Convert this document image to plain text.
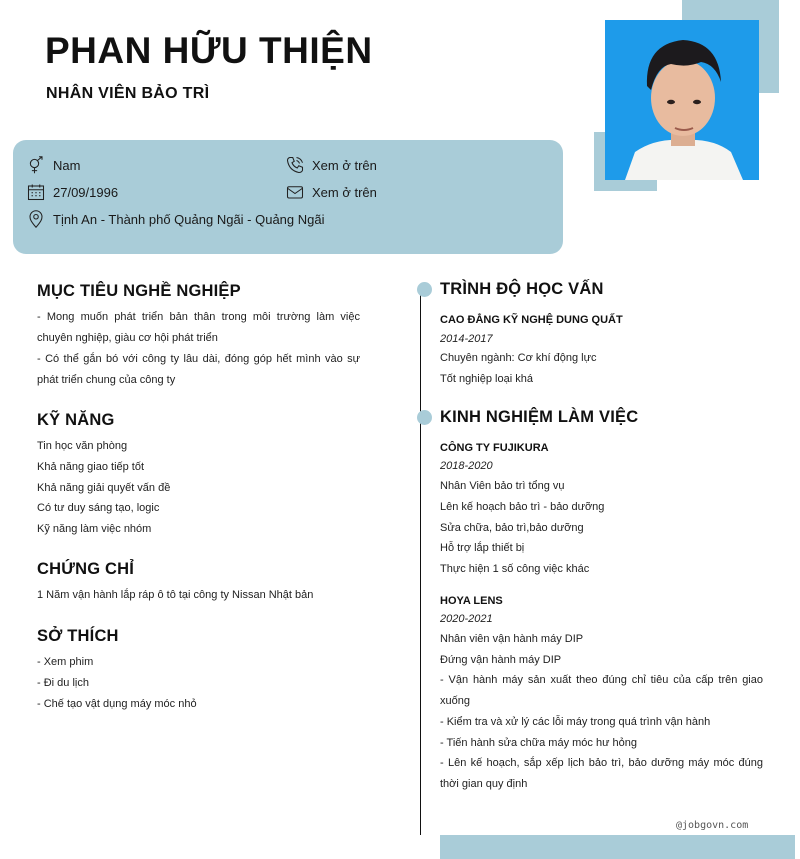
PHAN HỮU THIỆN
NHÂN VIÊN BẢO TRÌ
Nam
27/09/1996
Tịnh An - Thành phố Quảng Ngãi - Quảng Ngãi
Xem ở trên
Xem ở trên
MỤC TIÊU NGHỀ NGHIỆP
- Mong muốn phát triển bản thân trong môi trường làm việc chuyên nghiệp, giàu cơ hội phát triển
- Có thể gắn bó với công ty lâu dài, đóng góp hết mình vào sự phát triển chung của công ty
KỸ NĂNG
Tin học văn phòng
Khả năng giao tiếp tốt
Khả năng giải quyết vấn đề
Có tư duy sáng tạo, logic
Kỹ năng làm việc nhóm
CHỨNG CHỈ
1 Năm vận hành lắp ráp ô tô tại công ty Nissan Nhật bản
SỞ THÍCH
- Xem phim
- Đi du lịch
- Chế tạo vật dụng máy móc nhỏ
TRÌNH ĐỘ HỌC VẤN
CAO ĐẲNG KỸ NGHỆ DUNG QUẤT
2014-2017
Chuyên ngành: Cơ khí động lực
Tốt nghiệp loại khá
KINH NGHIỆM LÀM VIỆC
CÔNG TY FUJIKURA
2018-2020
Nhân Viên bảo trì tổng vụ
Lên kế hoạch bảo trì - bảo dưỡng
Sửa chữa, bảo trì,bảo dưỡng
Hỗ trợ lắp thiết bị
Thực hiện 1 số công việc khác
HOYA LENS
2020-2021
Nhân viên vận hành máy DIP
Đứng vận hành máy DIP
- Vận hành máy sản xuất theo đúng chỉ tiêu của cấp trên giao xuống
- Kiểm tra và xử lý các lỗi máy trong quá trình vận hành
- Tiến hành sửa chữa máy móc hư hỏng
- Lên kế hoạch, sắp xếp lịch bảo trì, bảo dưỡng máy móc đúng thời gian quy định
@jobgovn.com
